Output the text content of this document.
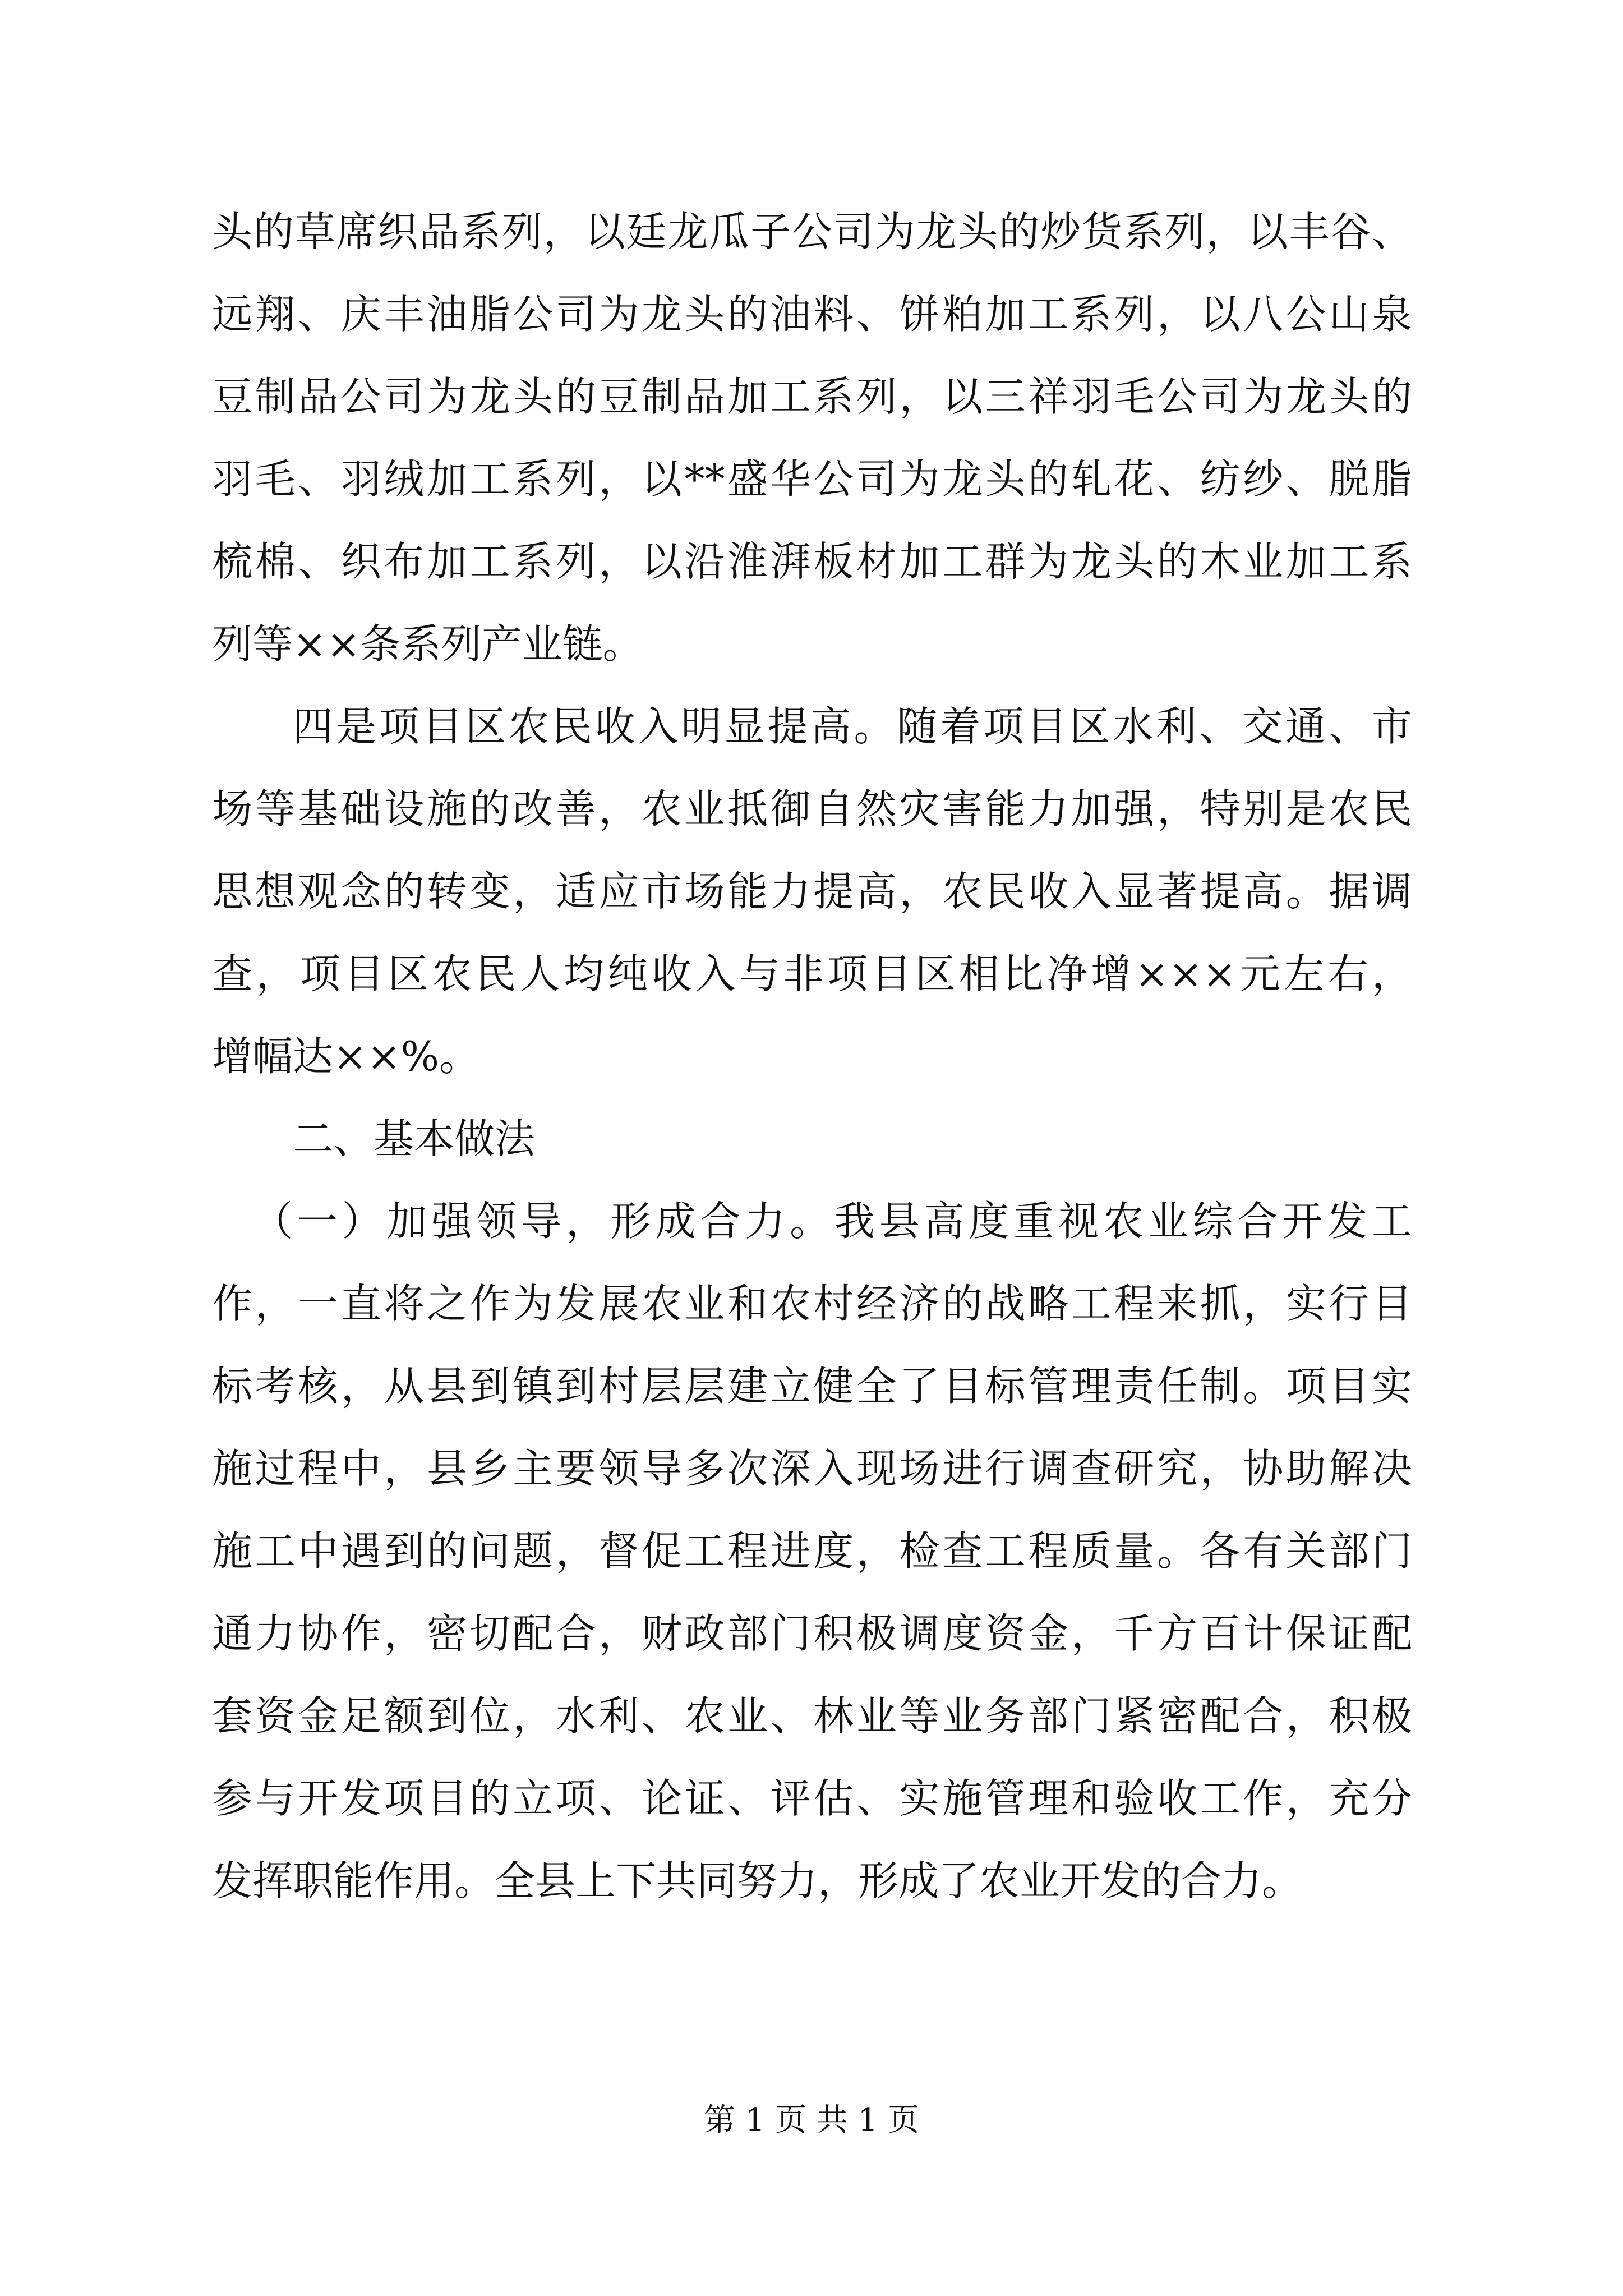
头的草席织品系列，以廷龙瓜子公司为龙头的炒货系列，以丰谷、
远翔、庆丰油脂公司为龙头的油料、饼粕加工系列，以八公山泉
豆制品公司为龙头的豆制品加工系列，以三祥羽毛公司为龙头的
羽毛、羽绒加工系列，以**盛华公司为龙头的轧花、纺纱、脱脂
梳棉、织布加工系列，以沿淮湃板材加工群为龙头的木业加工系
列等××条系列产业链。
四是项目区农民收入明显提高。随着项目区水利、交通、市
场等基础设施的改善，农业抵御自然灾害能力加强，特别是农民
思想观念的转变，适应市场能力提高，农民收入显著提高。据调
查，项目区农民人均纯收入与非项目区相比净增×××元左右，
增幅达××%。
二、基本做法
（一）加强领导，形成合力。我县高度重视农业综合开发工
作，一直将之作为发展农业和农村经济的战略工程来抓，实行目
标考核，从县到镇到村层层建立健全了目标管理责任制。项目实
施过程中，县乡主要领导多次深入现场进行调查研究，协助解决
施工中遇到的问题，督促工程进度，检查工程质量。各有关部门
通力协作，密切配合，财政部门积极调度资金，千方百计保证配
套资金足额到位，水利、农业、林业等业务部门紧密配合，积极
参与开发项目的立项、论证、评估、实施管理和验收工作，充分
发挥职能作用。全县上下共同努力，形成了农业开发的合力。
第 1 页 共 1 页
